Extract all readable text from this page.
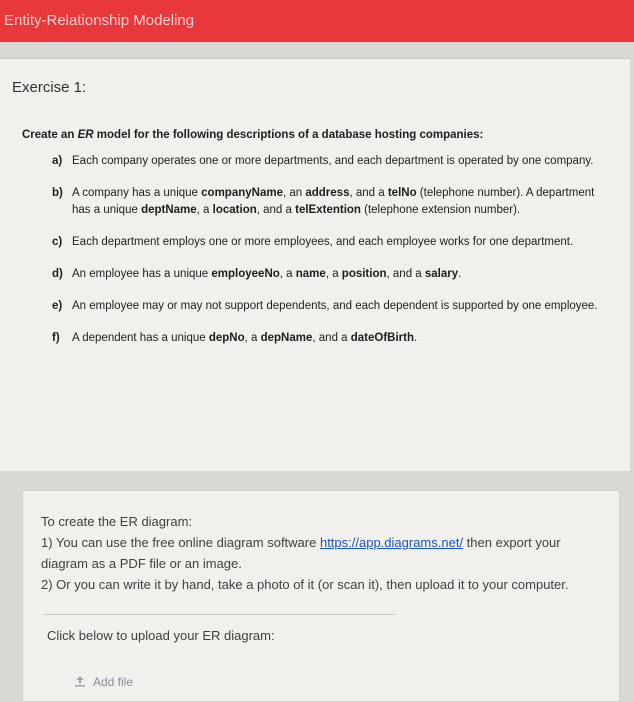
Entity-Relationship Modeling
Exercise 1:
Create an ER model for the following descriptions of a database hosting companies:
a) Each company operates one or more departments, and each department is operated by one company.
b) A company has a unique companyName, an address, and a telNo (telephone number). A department has a unique deptName, a location, and a telExtention (telephone extension number).
c) Each department employs one or more employees, and each employee works for one department.
d) An employee has a unique employeeNo, a name, a position, and a salary.
e) An employee may or may not support dependents, and each dependent is supported by one employee.
f) A dependent has a unique depNo, a depName, and a dateOfBirth.
To create the ER diagram:
1) You can use the free online diagram software https://app.diagrams.net/ then export your diagram as a PDF file or an image.
2) Or you can write it by hand, take a photo of it (or scan it), then upload it to your computer.
Click below to upload your ER diagram:
Add file
